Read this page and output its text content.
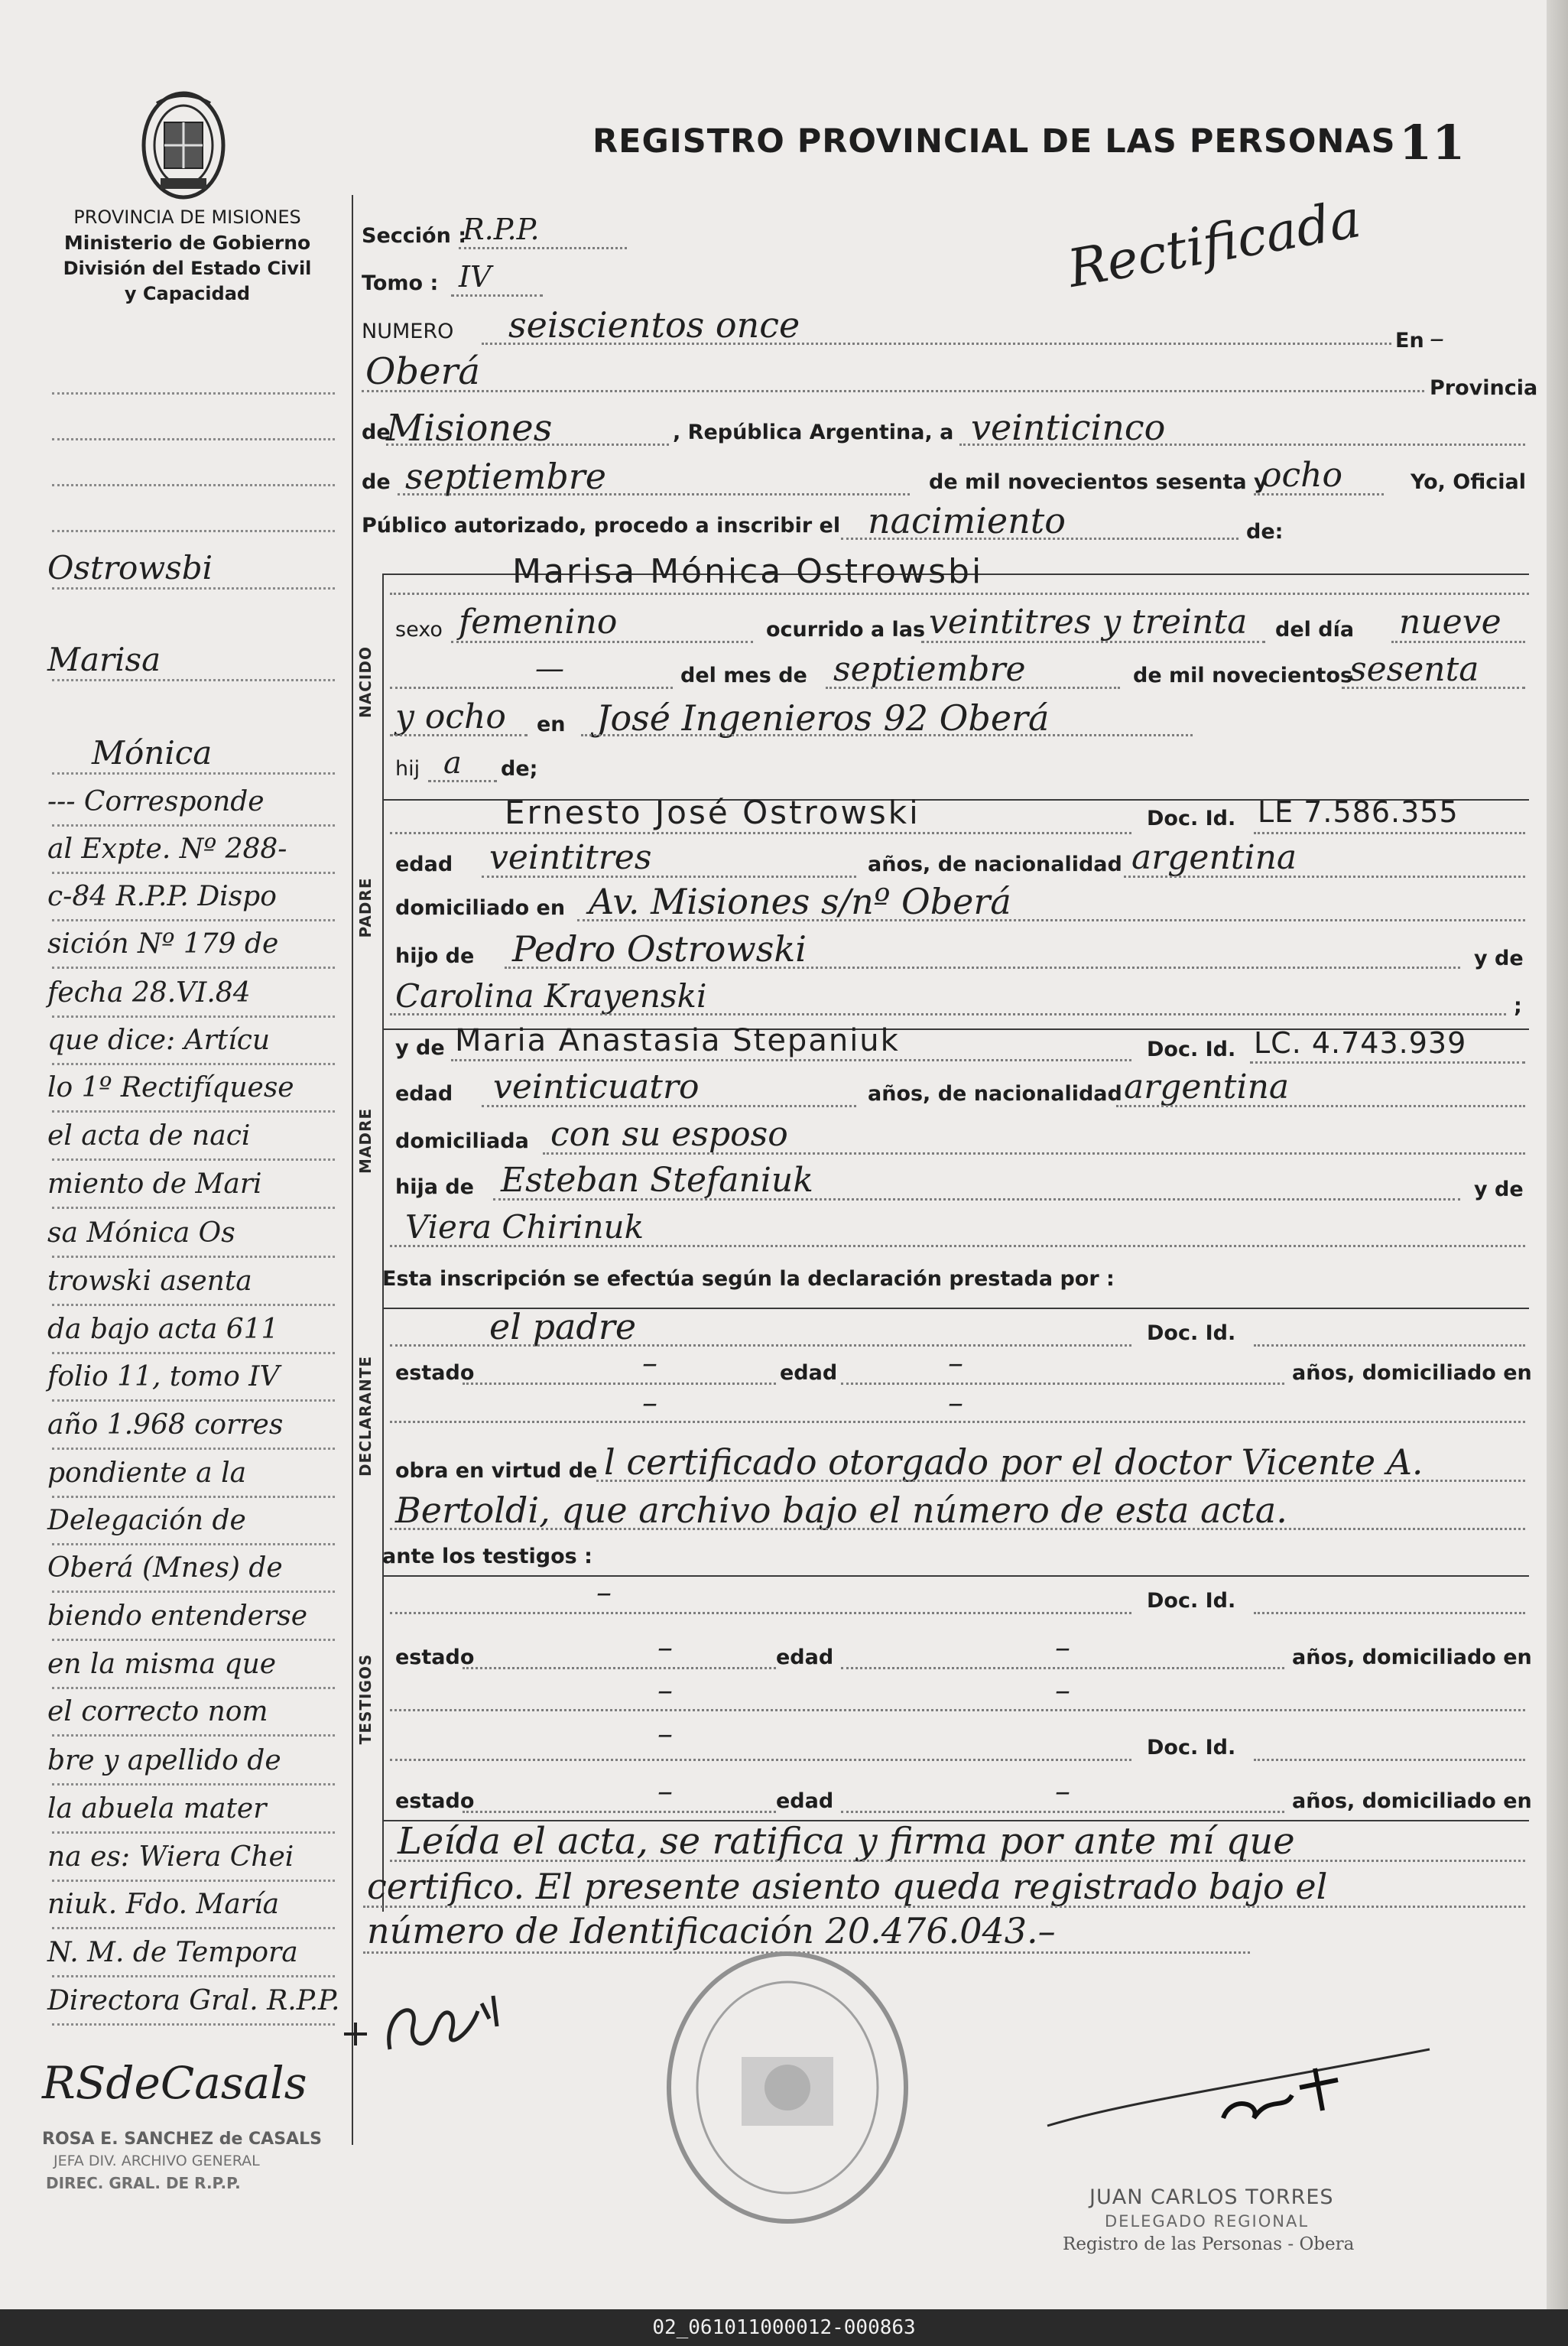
PROVINCIA DE MISIONES
Ministerio de Gobierno
División del Estado Civil
y Capacidad
REGISTRO PROVINCIAL DE LAS PERSONAS 11
Rectificada
NACIDO
PADRE
MADRE
DECLARANTE
TESTIGOS
Sección :
R.P.P.
Tomo : IV
NUMERO seiscientos once	En –
Oberá	Provincia
de
Misiones	, República Argentina, a veinticinco
de septiembre	de mil novecientos sesenta y
ocho	Yo, Oficial
Público autorizado, procedo a inscribir el nacimiento	de:
Marisa Mónica Ostrowsbi
sexo femenino	ocurrido a las veintitres y treinta del día nueve
—	del mes de septiembre	de mil novecientos
sesenta
y ocho en José Ingenieros 92 Oberá
hij a de;
Ernesto José Ostrowski	Doc. Id. LE 7.586.355
edad veintitres	años, de nacionalidad argentina
domiciliado en Av. Misiones s/nº Oberá
hijo de Pedro Ostrowski	y de
Carolina Krayenski	;
y de Maria Anastasia Stepaniuk	Doc. Id. LC. 4.743.939
edad veinticuatro	años, de nacionalidad argentina
domiciliada con su esposo
hija de Esteban Stefaniuk	y de
Viera Chirinuk
Esta inscripción se efectúa según la declaración prestada por :
el padre	Doc. Id.
estado	–	edad	–	años, domiciliado en
–	–
obra en virtud de l certificado otorgado por el doctor Vicente A.
Bertoldi, que archivo bajo el número de esta acta.
ante los testigos :
–	Doc. Id.
estado	–	edad	–	años, domiciliado en
–	–
–	Doc. Id.
estado	–	edad	–	años, domiciliado en
Leída el acta, se ratifica y firma por ante mí que
certifico. El presente asiento queda registrado bajo el
número de Identificación 20.476.043.–
Ostrowsbi
Marisa
Mónica
--- Corresponde
al Expte. Nº 288-
c-84 R.P.P. Dispo
sición Nº 179 de
fecha 28.VI.84
que dice: Artícu
lo 1º Rectifíquese
el acta de naci
miento de Mari
sa Mónica Os
trowski asenta
da bajo acta 611
folio 11, tomo IV
año 1.968 corres
pondiente a la
Delegación de
Oberá (Mnes) de
biendo entenderse
en la misma que
el correcto nom
bre y apellido de
la abuela mater
na es: Wiera Chei
niuk. Fdo. María
N. M. de Tempora
Directora Gral. R.P.P.
RSdeCasals
ROSA E. SANCHEZ de CASALS
JEFA DIV. ARCHIVO GENERAL
DIREC. GRAL. DE R.P.P.
JUAN CARLOS TORRES
DELEGADO REGIONAL
Registro de las Personas - Obera
02_061011000012-000863
